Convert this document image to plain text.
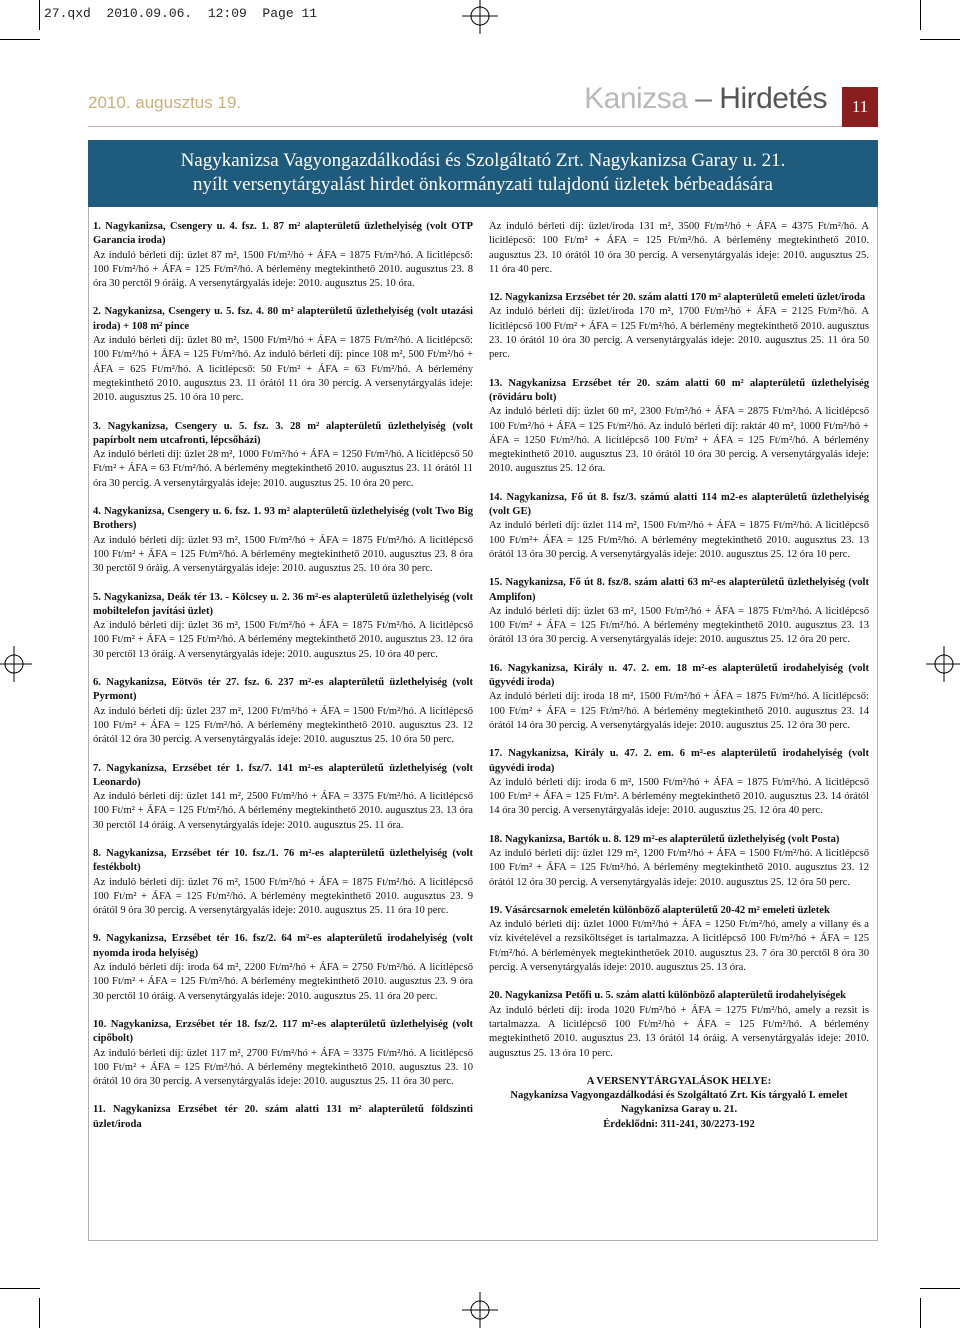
27.qxd  2010.09.06.  12:09  Page 11
2010. augusztus 19.	Kanizsa – Hirdetés	11
Nagykanizsa Vagyongazdálkodási és Szolgáltató Zrt. Nagykanizsa Garay u. 21.
nyílt versenytárgyalást hirdet önkormányzati tulajdonú üzletek bérbeadására
1. Nagykanizsa, Csengery u. 4. fsz. 1. 87 m² alapterületű üzlethelyiség (volt OTP Garancia iroda)
Az induló bérleti díj: üzlet 87 m², 1500 Ft/m²/hó + ÁFA = 1875 Ft/m²/hó. A licitlépcső: 100 Ft/m²/hó + ÁFA = 125 Ft/m²/hó. A bérlemény megtekinthető 2010. augusztus 23. 8 óra 30 perctől 9 óráig. A versenytárgyalás ideje: 2010. augusztus 25. 10 óra.
2. Nagykanizsa, Csengery u. 5. fsz. 4. 80 m² alapterületű üzlethelyiség (volt utazási iroda) + 108 m² pince
Az induló bérleti díj: üzlet 80 m², 1500 Ft/m²/hó + ÁFA = 1875 Ft/m²/hó. A licitlépcső: 100 Ft/m²/hó + ÁFA = 125 Ft/m²/hó. Az induló bérleti díj: pince 108 m², 500 Ft/m²/hó + ÁFA = 625 Ft/m²/hó. A licitlépcső: 50 Ft/m² + ÁFA = 63 Ft/m²/hó. A bérlemény megtekinthető 2010. augusztus 23. 11 órától 11 óra 30 percig. A versenytárgyalás ideje: 2010. augusztus 25. 10 óra 10 perc.
3. Nagykanizsa, Csengery u. 5. fsz. 3. 28 m² alapterületű üzlethelyiség (volt papírbolt nem utcafronti, lépcsőházi)
Az induló bérleti díj: üzlet 28 m², 1000 Ft/m²/hó + ÁFA = 1250 Ft/m²/hó. A licitlépcső 50 Ft/m² + ÁFA = 63 Ft/m²/hó. A bérlemény megtekinthető 2010. augusztus 23. 11 órától 11 óra 30 percig. A versenytárgyalás ideje: 2010. augusztus 25. 10 óra 20 perc.
4. Nagykanizsa, Csengery u. 6. fsz. 1. 93 m² alapterületű üzlethelyiség (volt Two Big Brothers)
Az induló bérleti díj: üzlet 93 m², 1500 Ft/m²/hó + ÁFA = 1875 Ft/m²/hó. A licitlépcső 100 Ft/m² + ÁFA = 125 Ft/m²/hó. A bérlemény megtekinthető 2010. augusztus 23. 8 óra 30 perctől 9 óráig. A versenytárgyalás ideje: 2010. augusztus 25. 10 óra 30 perc.
5. Nagykanizsa, Deák tér 13. - Kölcsey u. 2. 36 m²-es alapterületű üzlethelyiség (volt mobiltelefon javítási üzlet)
Az induló bérleti díj: üzlet 36 m², 1500 Ft/m²/hó + ÁFA = 1875 Ft/m²/hó. A licitlépcső 100 Ft/m² + ÁFA = 125 Ft/m²/hó. A bérlemény megtekinthető 2010. augusztus 23. 12 óra 30 perctől 13 óráig. A versenytárgyalás ideje: 2010. augusztus 25. 10 óra 40 perc.
6. Nagykanizsa, Eötvös tér 27. fsz. 6. 237 m²-es alapterületű üzlethelyiség (volt Pyrmont)
Az induló bérleti díj: üzlet 237 m², 1200 Ft/m²/hó + ÁFA = 1500 Ft/m²/hó. A licitlépcső 100 Ft/m² + ÁFA = 125 Ft/m²/hó. A bérlemény megtekinthető 2010. augusztus 23. 12 órától 12 óra 30 percig. A versenytárgyalás ideje: 2010. augusztus 25. 10 óra 50 perc.
7. Nagykanizsa, Erzsébet tér 1. fsz/7. 141 m²-es alapterületű üzlethelyiség (volt Leonardo)
Az induló bérleti díj: üzlet 141 m², 2500 Ft/m²/hó + ÁFA = 3375 Ft/m²/hó. A licitlépcső 100 Ft/m² + ÁFA = 125 Ft/m²/hó. A bérlemény megtekinthető 2010. augusztus 23. 13 óra 30 perctől 14 óráig. A versenytárgyalás ideje: 2010. augusztus 25. 11 óra.
8. Nagykanizsa, Erzsébet tér 10. fsz./1. 76 m²-es alapterületű üzlethelyiség (volt festékbolt)
Az induló bérleti díj: üzlet 76 m², 1500 Ft/m²/hó + ÁFA = 1875 Ft/m²/hó. A licitlépcső 100 Ft/m² + ÁFA = 125 Ft/m²/hó. A bérlemény megtekinthető 2010. augusztus 23. 9 órától 9 óra 30 percig. A versenytárgyalás ideje: 2010. augusztus 25. 11 óra 10 perc.
9. Nagykanizsa, Erzsébet tér 16. fsz/2. 64 m²-es alapterületű irodahelyiség (volt nyomda iroda helyiség)
Az induló bérleti díj: iroda 64 m², 2200 Ft/m²/hó + ÁFA = 2750 Ft/m²/hó. A licitlépcső 100 Ft/m² + ÁFA = 125 Ft/m²/hó. A bérlemény megtekinthető 2010. augusztus 23. 9 óra 30 perctől 10 óráig. A versenytárgyalás ideje: 2010. augusztus 25. 11 óra 20 perc.
10. Nagykanizsa, Erzsébet tér 18. fsz/2. 117 m²-es alapterületű üzlethelyiség (volt cipőbolt)
Az induló bérleti díj: üzlet 117 m², 2700 Ft/m²/hó + ÁFA = 3375 Ft/m²/hó. A licitlépcső 100 Ft/m² + ÁFA = 125 Ft/m²/hó. A bérlemény megtekinthető 2010. augusztus 23. 10 órától 10 óra 30 percig. A versenytárgyalás ideje: 2010. augusztus 25. 11 óra 30 perc.
11. Nagykanizsa Erzsébet tér 20. szám alatti 131 m² alapterületű földszinti üzlet/iroda
Az induló bérleti díj: üzlet/iroda 131 m², 3500 Ft/m²/hó + ÁFA = 4375 Ft/m²/hó. A licitlépcső: 100 Ft/m² + ÁFA = 125 Ft/m²/hó. A bérlemény megtekinthető 2010. augusztus 23. 10 órától 10 óra 30 percig. A versenytárgyalás ideje: 2010. augusztus 25. 11 óra 40 perc.
12. Nagykanizsa Erzsébet tér 20. szám alatti 170 m² alapterületű emeleti üzlet/iroda
Az induló bérleti díj: üzlet/iroda 170 m², 1700 Ft/m²/hó + ÁFA = 2125 Ft/m²/hó. A licitlépcső 100 Ft/m² + ÁFA = 125 Ft/m²/hó. A bérlemény megtekinthető 2010. augusztus 23. 10 órától 10 óra 30 percig. A versenytárgyalás ideje: 2010. augusztus 25. 11 óra 50 perc.
13. Nagykanizsa Erzsébet tér 20. szám alatti 60 m² alapterületű üzlethelyiség (rövidáru bolt)
Az induló bérleti díj: üzlet 60 m², 2300 Ft/m²/hó + ÁFA = 2875 Ft/m²/hó. A licitlépcső 100 Ft/m²/hó + ÁFA = 125 Ft/m²/hó. Az induló bérleti díj: raktár 40 m², 1000 Ft/m²/hó + ÁFA = 1250 Ft/m²/hó. A licitlépcső 100 Ft/m² + ÁFA = 125 Ft/m²/hó. A bérlemény megtekinthető 2010. augusztus 23. 10 órától 10 óra 30 percig. A versenytárgyalás ideje: 2010. augusztus 25. 12 óra.
14. Nagykanizsa, Fő út 8. fsz/3. számú alatti 114 m2-es alapterületű üzlethelyiség (volt GE)
Az induló bérleti díj: üzlet 114 m², 1500 Ft/m²/hó + ÁFA = 1875 Ft/m²/hó. A licitlépcső 100 Ft/m²+ ÁFA = 125 Ft/m²/hó. A bérlemény megtekinthető 2010. augusztus 23. 13 órától 13 óra 30 percig. A versenytárgyalás ideje: 2010. augusztus 25. 12 óra 10 perc.
15. Nagykanizsa, Fő út 8. fsz/8. szám alatti 63 m²-es alapterületű üzlethelyiség (volt Amplifon)
Az induló bérleti díj: üzlet 63 m², 1500 Ft/m²/hó + ÁFA = 1875 Ft/m²/hó. A licitlépcső 100 Ft/m² + ÁFA = 125 Ft/m²/hó. A bérlemény megtekinthető 2010. augusztus 23. 13 órától 13 óra 30 percig. A versenytárgyalás ideje: 2010. augusztus 25. 12 óra 20 perc.
16. Nagykanizsa, Király u. 47. 2. em. 18 m²-es alapterületű irodahelyiség (volt ügyvédi iroda)
Az induló bérleti díj: iroda 18 m², 1500 Ft/m²/hó + ÁFA = 1875 Ft/m²/hó. A licitlépcső: 100 Ft/m² + ÁFA = 125 Ft/m²/hó. A bérlemény megtekinthető 2010. augusztus 23. 14 órától 14 óra 30 percig. A versenytárgyalás ideje: 2010. augusztus 25. 12 óra 30 perc.
17. Nagykanizsa, Király u. 47. 2. em. 6 m²-es alapterületű irodahelyiség (volt ügyvédi iroda)
Az induló bérleti díj: iroda 6 m², 1500 Ft/m²/hó + ÁFA = 1875 Ft/m²/hó. A licitlépcső 100 Ft/m² + ÁFA = 125 Ft/m². A bérlemény megtekinthető 2010. augusztus 23. 14 órától 14 óra 30 percig. A versenytárgyalás ideje: 2010. augusztus 25. 12 óra 40 perc.
18. Nagykanizsa, Bartók u. 8. 129 m²-es alapterületű üzlethelyiség (volt Posta)
Az induló bérleti díj: üzlet 129 m², 1200 Ft/m²/hó + ÁFA = 1500 Ft/m²/hó. A licitlépcső 100 Ft/m² + ÁFA = 125 Ft/m²/hó. A bérlemény megtekinthető 2010. augusztus 23. 12 órától 12 óra 30 percig. A versenytárgyalás ideje: 2010. augusztus 25. 12 óra 50 perc.
19. Vásárcsarnok emeletén különböző alapterületű 20-42 m² emeleti üzletek
Az induló bérleti díj: üzlet 1000 Ft/m²/hó + ÁFA = 1250 Ft/m²/hó, amely a villany és a víz kivételével a rezsiköltséget is tartalmazza. A licitlépcső 100 Ft/m²/hó + ÁFA = 125 Ft/m²/hó. A bérlemények megtekinthetőek 2010. augusztus 23. 7 óra 30 perctől 8 óra 30 percig. A versenytárgyalás ideje: 2010. augusztus 25. 13 óra.
20. Nagykanizsa Petőfi u. 5. szám alatti különböző alapterületű irodahelyiségek
Az induló bérleti díj: iroda 1020 Ft/m²/hó + ÁFA = 1275 Ft/m²/hó, amely a rezsit is tartalmazza. A licitlépcső 100 Ft/m²/hó + ÁFA = 125 Ft/m²/hó. A bérlemény megtekinthető 2010. augusztus 23. 13 órától 14 óráig. A versenytárgyalás ideje: 2010. augusztus 25. 13 óra 10 perc.
A VERSENYTÁRGYALÁSOK HELYE:
Nagykanizsa Vagyongazdálkodási és Szolgáltató Zrt. Kis tárgyaló I. emelet
Nagykanizsa Garay u. 21.
Érdeklődni: 311-241, 30/2273-192
